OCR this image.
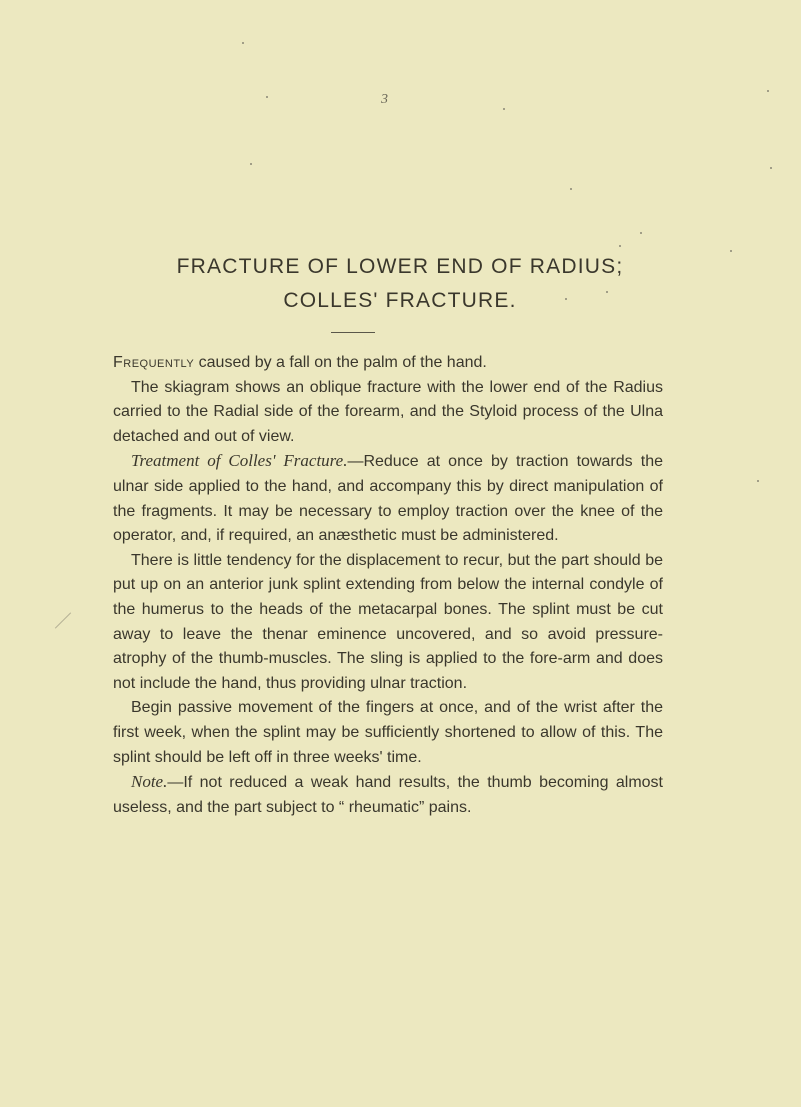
3
FRACTURE OF LOWER END OF RADIUS;
COLLES' FRACTURE.

Frequently caused by a fall on the palm of the hand.

The skiagram shows an oblique fracture with the lower end of the Radius carried to the Radial side of the forearm, and the Styloid process of the Ulna detached and out of view.

Treatment of Colles' Fracture.—Reduce at once by traction towards the ulnar side applied to the hand, and accompany this by direct manipulation of the fragments. It may be necessary to employ traction over the knee of the operator, and, if required, an anæsthetic must be administered.

There is little tendency for the displacement to recur, but the part should be put up on an anterior junk splint extending from below the internal condyle of the humerus to the heads of the metacarpal bones. The splint must be cut away to leave the thenar eminence uncovered, and so avoid pressure-atrophy of the thumb-muscles. The sling is applied to the fore-arm and does not include the hand, thus providing ulnar traction.

Begin passive movement of the fingers at once, and of the wrist after the first week, when the splint may be sufficiently shortened to allow of this. The splint should be left off in three weeks' time.

Note.—If not reduced a weak hand results, the thumb becoming almost useless, and the part subject to “ rheumatic” pains.
